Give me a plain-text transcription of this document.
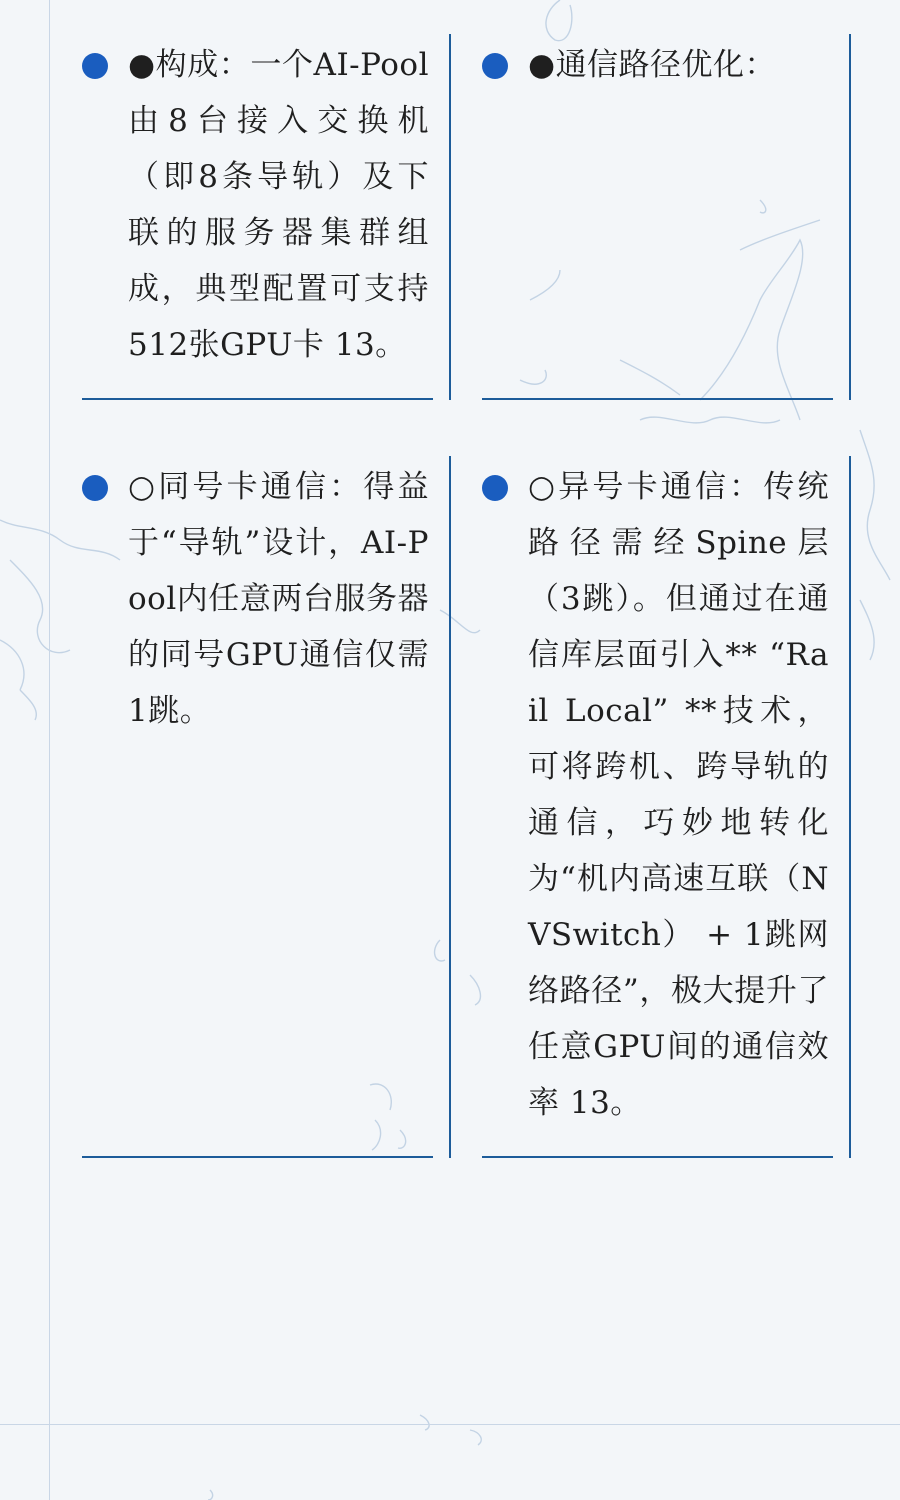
●构成：一个AI-Pool由8台接入交换机（即8条导轨）及下联的服务器集群组成，典型配置可支持512张GPU卡 13。
●通信路径优化：
○同号卡通信：得益于“导轨”设计，AI-Pool内任意两台服务器的同号GPU通信仅需1跳。
○异号卡通信：传统路径需经Spine层（3跳）。但通过在通信库层面引入** “Rail Local” **技术，可将跨机、跨导轨的通信，巧妙地转化为“机内高速互联（NVSwitch） + 1跳网络路径”，极大提升了任意GPU间的通信效率 13。
